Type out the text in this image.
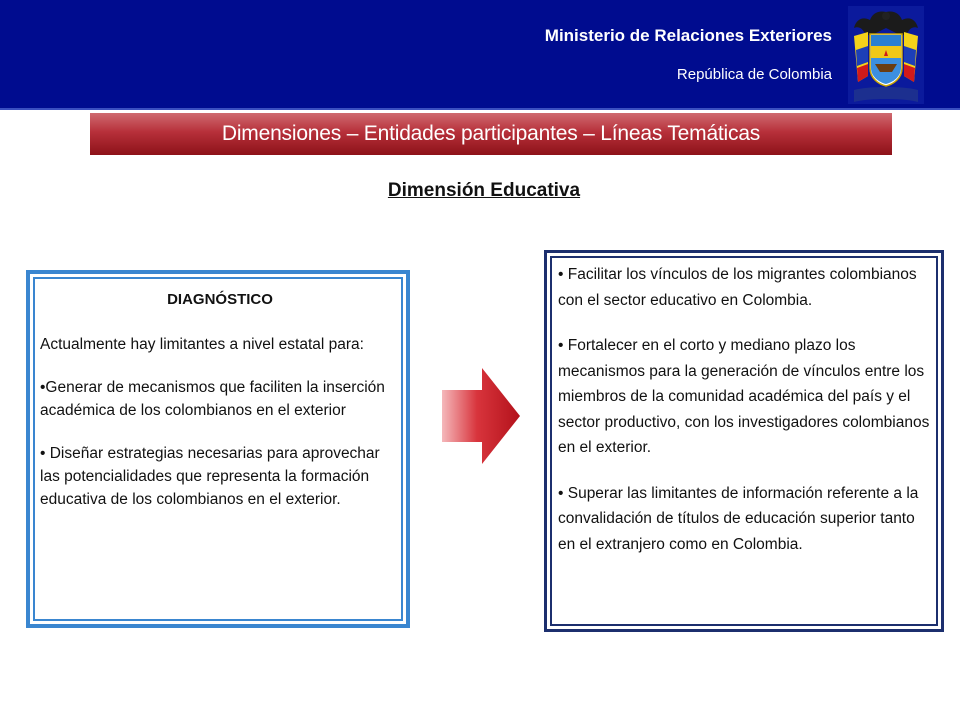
Ministerio de Relaciones Exteriores
República de Colombia
Dimensiones – Entidades participantes – Líneas Temáticas
Dimensión Educativa
DIAGNÓSTICO

Actualmente hay limitantes a nivel estatal para:

•Generar de mecanismos que faciliten la inserción académica de los colombianos en el exterior

• Diseñar estrategias necesarias para aprovechar las potencialidades que representa la formación educativa de los colombianos en el exterior.

• Facilitar los vínculos de los migrantes colombianos con el sector educativo en Colombia.

• Fortalecer en el corto y mediano plazo los mecanismos para la generación de vínculos entre los miembros de la comunidad académica del país y el sector productivo, con los investigadores colombianos en el exterior.

• Superar las limitantes de información referente a la convalidación de títulos de educación superior tanto en el extranjero como en Colombia.
